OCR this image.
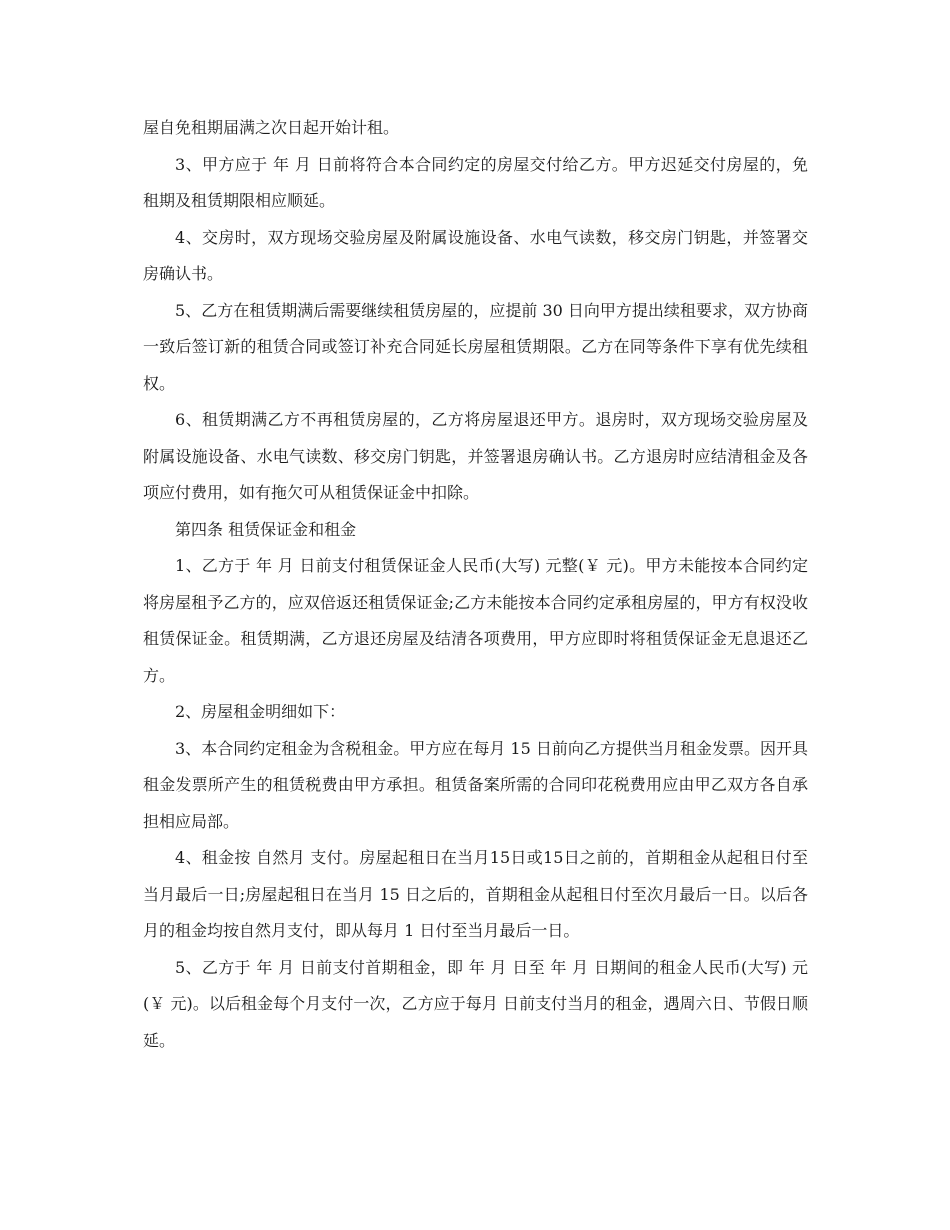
屋自免租期届满之次日起开始计租。

3、甲方应于 年 月 日前将符合本合同约定的房屋交付给乙方。甲方迟延交付房屋的，免租期及租赁期限相应顺延。

4、交房时，双方现场交验房屋及附属设施设备、水电气读数，移交房门钥匙，并签署交房确认书。

5、乙方在租赁期满后需要继续租赁房屋的，应提前 30 日向甲方提出续租要求，双方协商一致后签订新的租赁合同或签订补充合同延长房屋租赁期限。乙方在同等条件下享有优先续租权。

6、租赁期满乙方不再租赁房屋的，乙方将房屋退还甲方。退房时，双方现场交验房屋及附属设施设备、水电气读数、移交房门钥匙，并签署退房确认书。乙方退房时应结清租金及各项应付费用，如有拖欠可从租赁保证金中扣除。

第四条 租赁保证金和租金

1、乙方于 年 月 日前支付租赁保证金人民币(大写) 元整(￥ 元)。甲方未能按本合同约定将房屋租予乙方的，应双倍返还租赁保证金;乙方未能按本合同约定承租房屋的，甲方有权没收租赁保证金。租赁期满，乙方退还房屋及结清各项费用，甲方应即时将租赁保证金无息退还乙方。

2、房屋租金明细如下：

3、本合同约定租金为含税租金。甲方应在每月 15 日前向乙方提供当月租金发票。因开具租金发票所产生的租赁税费由甲方承担。租赁备案所需的合同印花税费用应由甲乙双方各自承担相应局部。

4、租金按 自然月 支付。房屋起租日在当月15日或15日之前的，首期租金从起租日付至当月最后一日;房屋起租日在当月 15 日之后的，首期租金从起租日付至次月最后一日。以后各月的租金均按自然月支付，即从每月 1 日付至当月最后一日。

5、乙方于 年 月 日前支付首期租金，即 年 月 日至 年 月 日期间的租金人民币(大写) 元(￥ 元)。以后租金每个月支付一次，乙方应于每月 日前支付当月的租金，遇周六日、节假日顺延。
